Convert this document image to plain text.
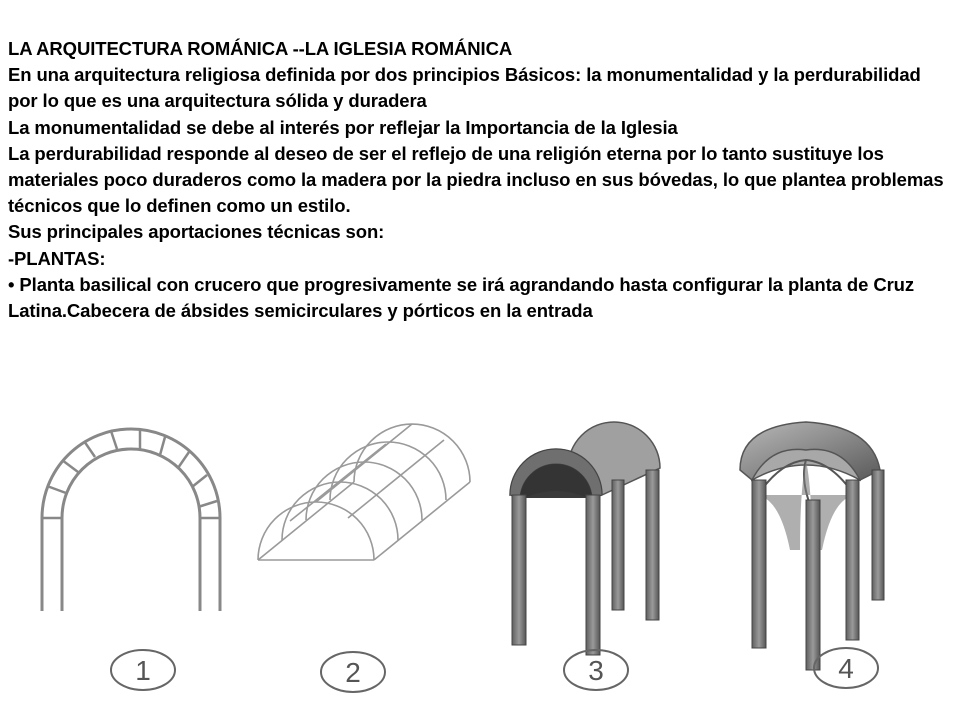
LA ARQUITECTURA ROMÁNICA --LA IGLESIA ROMÁNICA

En una arquitectura religiosa definida por dos principios Básicos: la monumentalidad y la perdurabilidad por lo que es una arquitectura sólida y duradera

La monumentalidad se debe al interés por reflejar la Importancia de la Iglesia

La perdurabilidad responde al deseo de ser el reflejo de una religión eterna por lo tanto sustituye los materiales poco duraderos como la madera por la piedra incluso en sus bóvedas, lo que plantea problemas técnicos que lo definen como un estilo.

Sus principales aportaciones técnicas son:

-PLANTAS:

• Planta basilical con crucero que progresivamente se irá agrandando hasta configurar la planta de Cruz Latina.Cabecera de ábsides semicirculares y pórticos en la entrada

1	2	3	4
